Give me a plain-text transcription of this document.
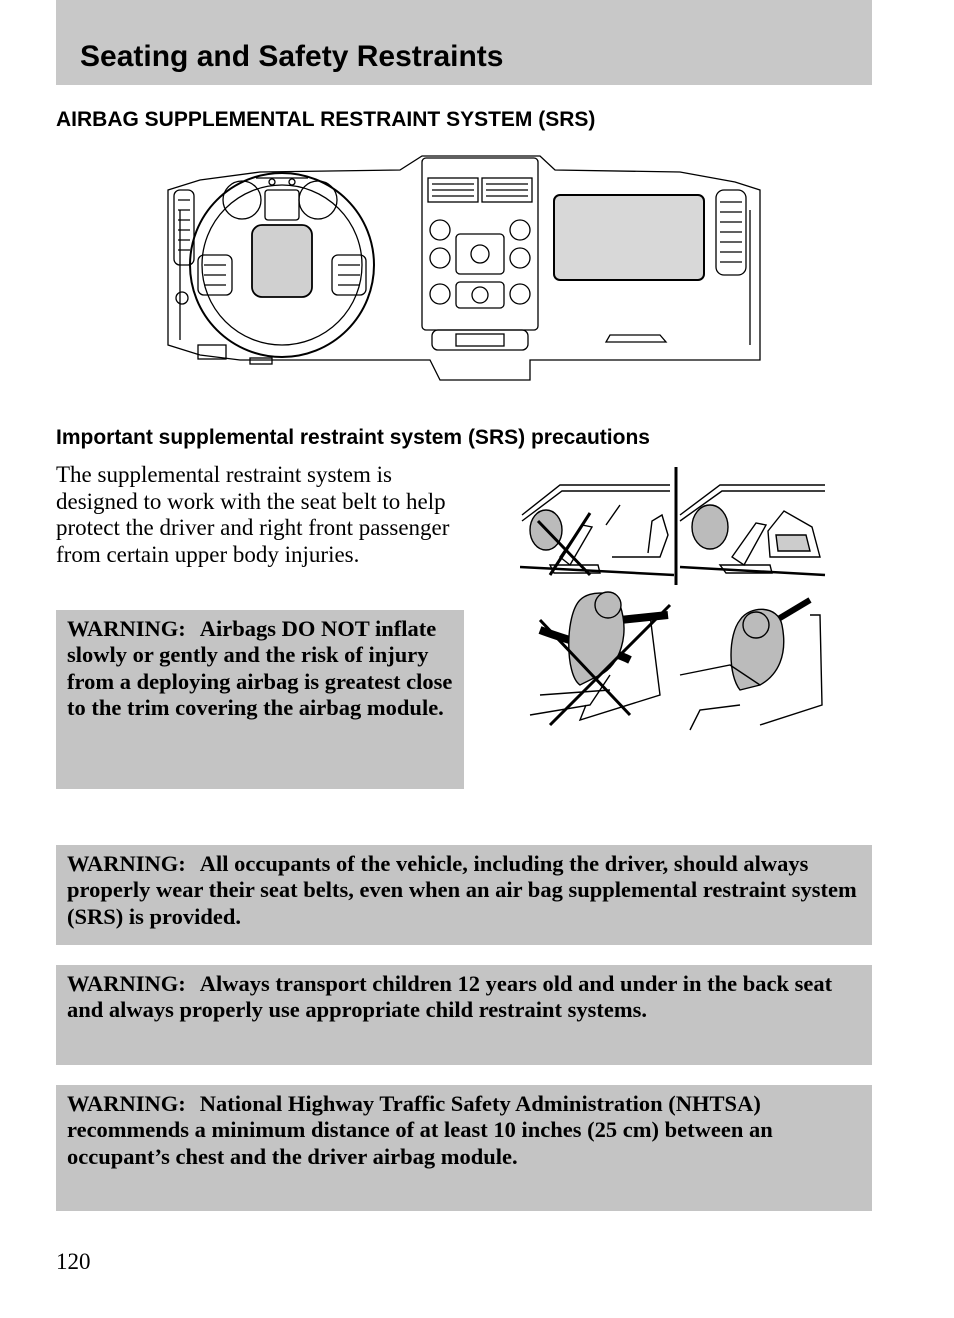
Seating and Safety Restraints
AIRBAG SUPPLEMENTAL RESTRAINT SYSTEM (SRS)
Important supplemental restraint system (SRS) precautions
The supplemental restraint system is designed to work with the seat belt to help protect the driver and right front passenger from certain upper body injuries.
WARNING: Airbags DO NOT inflate slowly or gently and the risk of injury from a deploying airbag is greatest close to the trim covering the airbag module.
WARNING: All occupants of the vehicle, including the driver, should always properly wear their seat belts, even when an air bag supplemental restraint system (SRS) is provided.
WARNING: Always transport children 12 years old and under in the back seat and always properly use appropriate child restraint systems.
WARNING: National Highway Traffic Safety Administration (NHTSA) recommends a minimum distance of at least 10 inches (25 cm) between an occupant’s chest and the driver airbag module.
120
